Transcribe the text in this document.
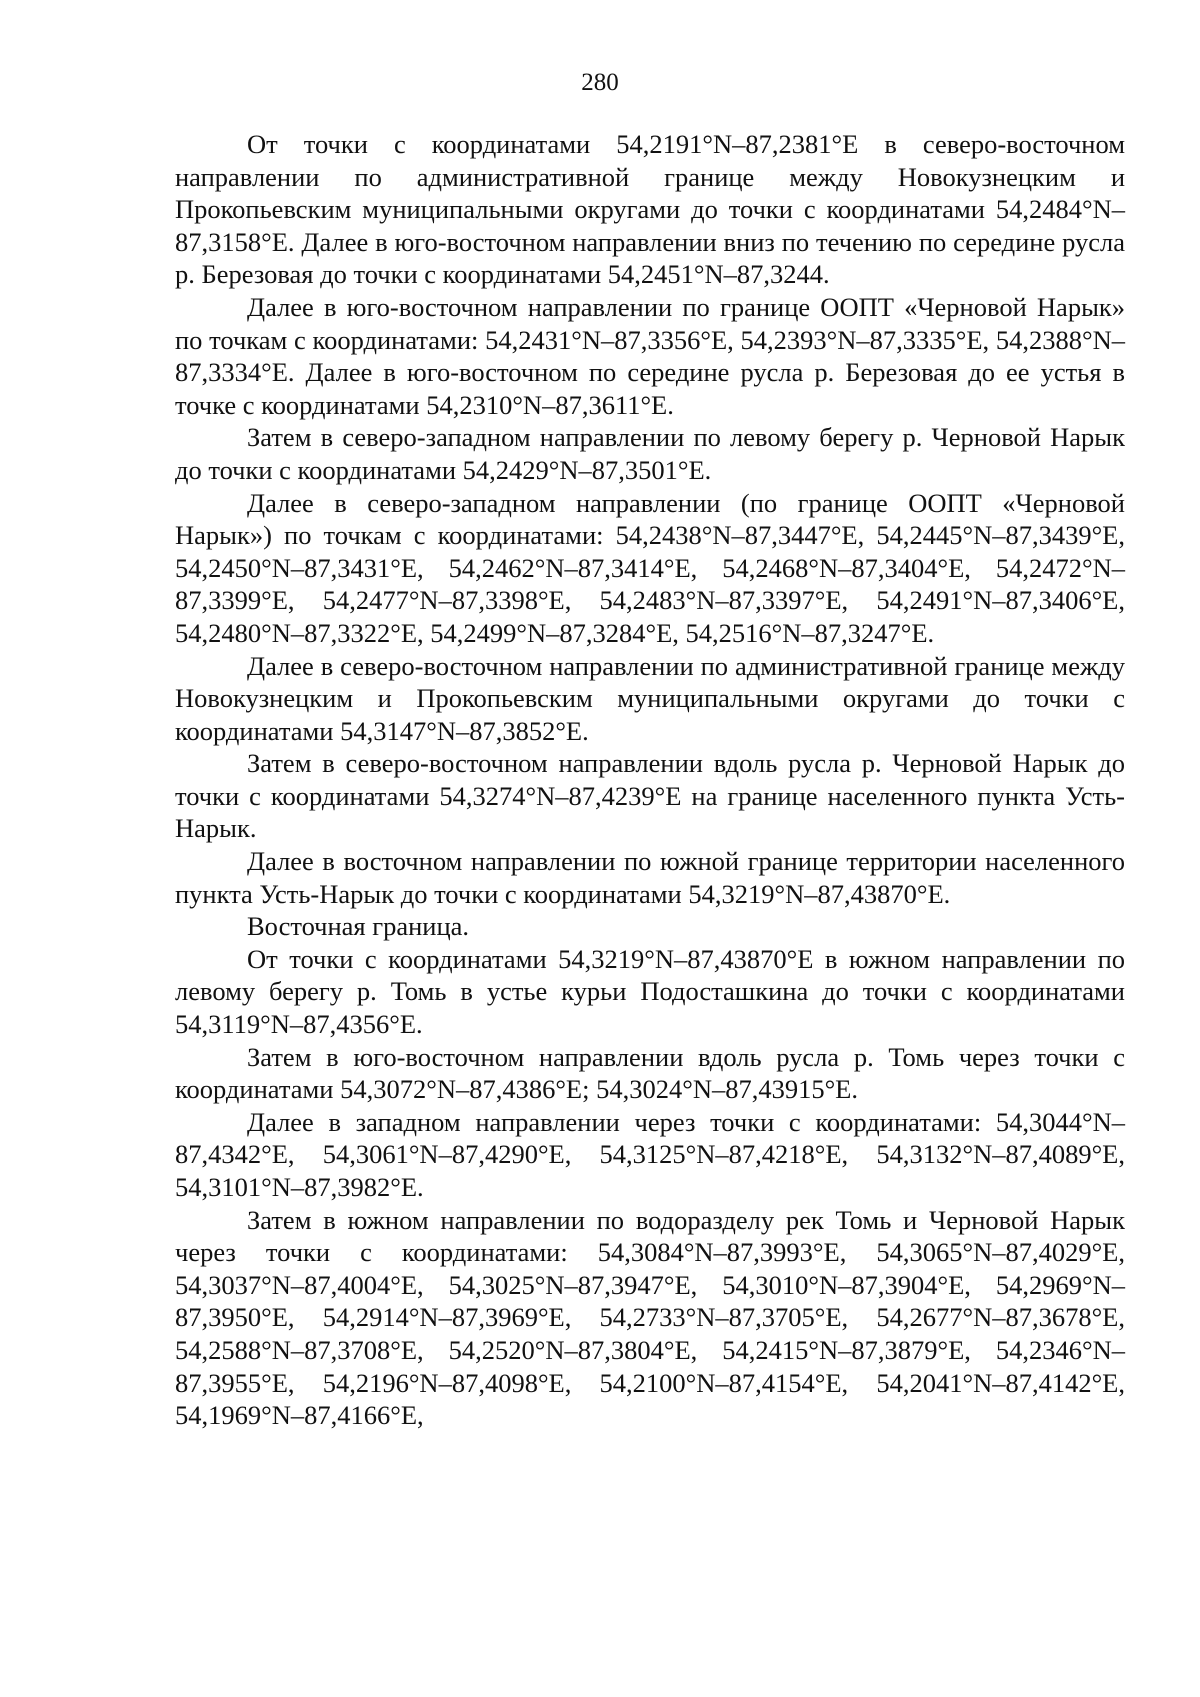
280

От точки с координатами 54,2191°N–87,2381°E в северо-восточном направлении по административной границе между Новокузнецким и Прокопьевским муниципальными округами до точки с координатами 54,2484°N–87,3158°E. Далее в юго-восточном направлении вниз по течению по середине русла р. Березовая до точки с координатами 54,2451°N–87,3244.

Далее в юго-восточном направлении по границе ООПТ «Черновой Нарык» по точкам с координатами: 54,2431°N–87,3356°E, 54,2393°N–87,3335°E, 54,2388°N–87,3334°E. Далее в юго-восточном по середине русла р. Березовая до ее устья в точке с координатами 54,2310°N–87,3611°E.

Затем в северо-западном направлении по левому берегу р. Черновой Нарык до точки с координатами 54,2429°N–87,3501°E.

Далее в северо-западном направлении (по границе ООПТ «Черновой Нарык») по точкам с координатами: 54,2438°N–87,3447°E, 54,2445°N–87,3439°E, 54,2450°N–87,3431°E, 54,2462°N–87,3414°E, 54,2468°N–87,3404°E, 54,2472°N–87,3399°E, 54,2477°N–87,3398°E, 54,2483°N–87,3397°E, 54,2491°N–87,3406°E, 54,2480°N–87,3322°E, 54,2499°N–87,3284°E, 54,2516°N–87,3247°E.

Далее в северо-восточном направлении по административной границе между Новокузнецким и Прокопьевским муниципальными округами до точки с координатами 54,3147°N–87,3852°E.

Затем в северо-восточном направлении вдоль русла р. Черновой Нарык до точки с координатами 54,3274°N–87,4239°E на границе населенного пункта Усть-Нарык.

Далее в восточном направлении по южной границе территории населенного пункта Усть-Нарык до точки с координатами 54,3219°N–87,43870°E.

Восточная граница.

От точки с координатами 54,3219°N–87,43870°E в южном направлении по левому берегу р. Томь в устье курьи Подосташкина до точки с координатами 54,3119°N–87,4356°E.

Затем в юго-восточном направлении вдоль русла р. Томь через точки с координатами 54,3072°N–87,4386°E; 54,3024°N–87,43915°E.

Далее в западном направлении через точки с координатами: 54,3044°N–87,4342°E, 54,3061°N–87,4290°E, 54,3125°N–87,4218°E, 54,3132°N–87,4089°E, 54,3101°N–87,3982°E.

Затем в южном направлении по водоразделу рек Томь и Черновой Нарык через точки с координатами: 54,3084°N–87,3993°E, 54,3065°N–87,4029°E, 54,3037°N–87,4004°E, 54,3025°N–87,3947°E, 54,3010°N–87,3904°E, 54,2969°N–87,3950°E, 54,2914°N–87,3969°E, 54,2733°N–87,3705°E, 54,2677°N–87,3678°E, 54,2588°N–87,3708°E, 54,2520°N–87,3804°E, 54,2415°N–87,3879°E, 54,2346°N–87,3955°E, 54,2196°N–87,4098°E, 54,2100°N–87,4154°E, 54,2041°N–87,4142°E, 54,1969°N–87,4166°E,
